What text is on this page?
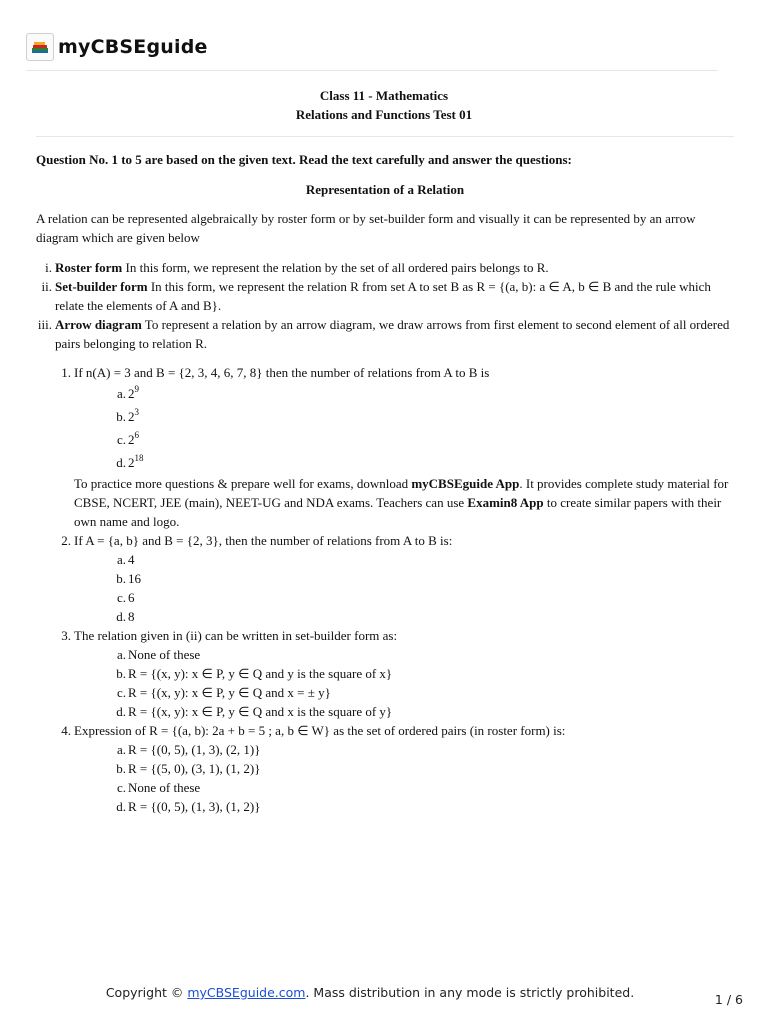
myCBSEguide
Class 11 - Mathematics
Relations and Functions Test 01

Question No. 1 to 5 are based on the given text. Read the text carefully and answer the questions:

Representation of a Relation

A relation can be represented algebraically by roster form or by set-builder form and visually it can be represented by an arrow diagram which are given below

i. Roster form In this form, we represent the relation by the set of all ordered pairs belongs to R.
ii. Set-builder form In this form, we represent the relation R from set A to set B as R = {(a, b): a ∈ A, b ∈ B and the rule which relate the elements of A and B}.
iii. Arrow diagram To represent a relation by an arrow diagram, we draw arrows from first element to second element of all ordered pairs belonging to relation R.
1. If n(A) = 3 and B = {2, 3, 4, 6, 7, 8} then the number of relations from A to B is
a. $2^9$
b. $2^3$
c. $2^6$
d. $2^{18}$

To practice more questions & prepare well for exams, download myCBSEguide App. It provides complete study material for CBSE, NCERT, JEE (main), NEET-UG and NDA exams. Teachers can use Examin8 App to create similar papers with their own name and logo.

2. If A = {a, b} and B = {2, 3}, then the number of relations from A to B is:
a. 4
b. 16
c. 6
d. 8
3. The relation given in (ii) can be written in set-builder form as:
a. None of these
b. R = {(x, y): x ∈ P, y ∈ Q and y is the square of x}
c. R = {(x, y): x ∈ P, y ∈ Q and x = ± y}
d. R = {(x, y): x ∈ P, y ∈ Q and x is the square of y}
4. Expression of R = {(a, b): 2a + b = 5 ; a, b ∈ W} as the set of ordered pairs (in roster form) is:
a. R = {(0, 5), (1, 3), (2, 1)}
b. R = {(5, 0), (3, 1), (1, 2)}
c. None of these
d. R = {(0, 5), (1, 3), (1, 2)}
Copyright © myCBSEguide.com. Mass distribution in any mode is strictly prohibited.	1 / 6
